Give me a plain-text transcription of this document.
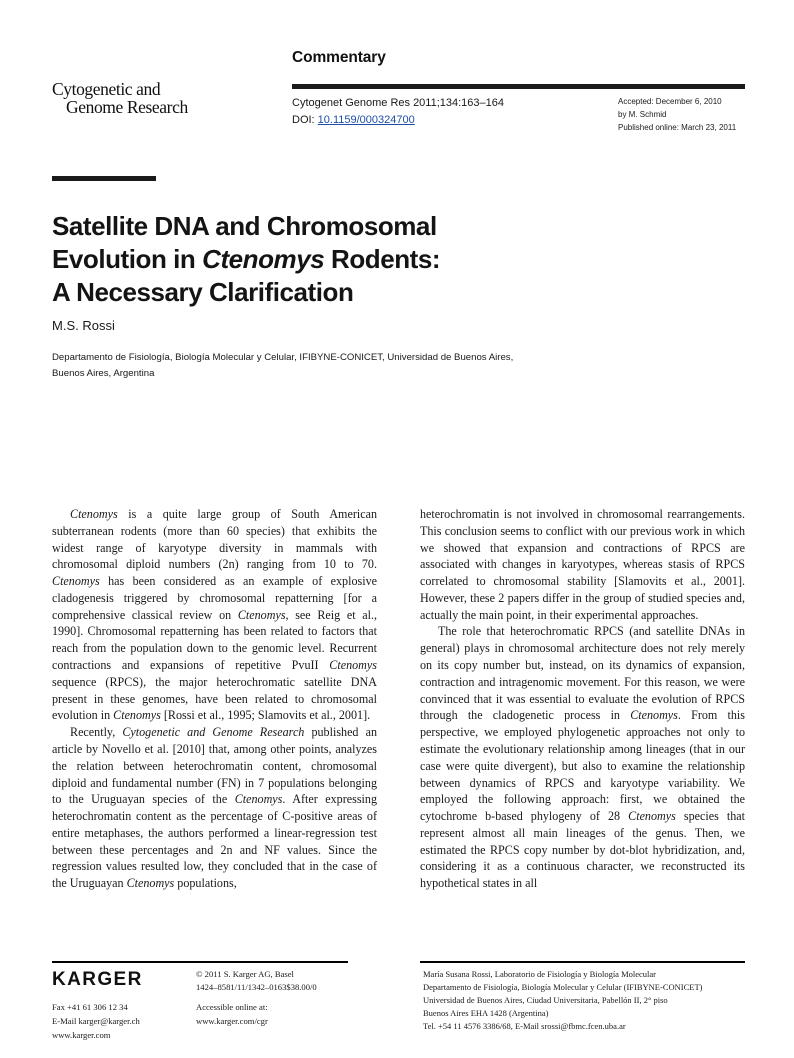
Commentary
Cytogenetic and
Genome Research	Cytogenet Genome Res 2011;134:163–164
DOI: 10.1159/000324700
Accepted: December 6, 2010
by M. Schmid
Published online: March 23, 2011
Satellite DNA and Chromosomal
Evolution in Ctenomys Rodents:
A Necessary Clarification
M.S. Rossi
Departamento de Fisiología, Biología Molecular y Celular, IFIBYNE-CONICET, Universidad de Buenos Aires,
Buenos Aires, Argentina

Ctenomys is a quite large group of South American subterranean rodents (more than 60 species) that exhibits the widest range of karyotype diversity in mammals with chromosomal diploid numbers (2n) ranging from 10 to 70. Ctenomys has been considered as an example of explosive cladogenesis triggered by chromosomal repatterning [for a comprehensive classical review on Ctenomys, see Reig et al., 1990]. Chromosomal repatterning has been related to factors that reach from the population down to the genomic level. Recurrent contractions and expansions of repetitive PvuII Ctenomys sequence (RPCS), the major heterochromatic satellite DNA present in these genomes, have been related to chromosomal evolution in Ctenomys [Rossi et al., 1995; Slamovits et al., 2001].

Recently, Cytogenetic and Genome Research published an article by Novello et al. [2010] that, among other points, analyzes the relation between heterochromatin content, chromosomal diploid and fundamental number (FN) in 7 populations belonging to the Uruguayan species of the Ctenomys. After expressing heterochromatin content as the percentage of C-positive areas of entire metaphases, the authors performed a linear-regression test between these percentages and 2n and NF values. Since the regression values resulted low, they concluded that in the case of the Uruguayan Ctenomys populations,

heterochromatin is not involved in chromosomal rearrangements. This conclusion seems to conflict with our previous work in which we showed that expansion and contractions of RPCS are associated with changes in karyotypes, whereas stasis of RPCS correlated to chromosomal stability [Slamovits et al., 2001]. However, these 2 papers differ in the group of studied species and, actually the main point, in their experimental approaches.

The role that heterochromatic RPCS (and satellite DNAs in general) plays in chromosomal architecture does not rely merely on its copy number but, instead, on its dynamics of expansion, contraction and intragenomic movement. For this reason, we were convinced that it was essential to evaluate the evolution of RPCS through the cladogenetic process in Ctenomys. From this perspective, we employed phylogenetic approaches not only to estimate the evolutionary relationship among lineages (that in our case were quite divergent), but also to examine the relationship between dynamics of RPCS and karyotype variability. We employed the following approach: first, we obtained the cytochrome b-based phylogeny of 28 Ctenomys species that represent almost all main lineages of the genus. Then, we estimated the RPCS copy number by dot-blot hybridization, and, considering it as a continuous character, we reconstructed its hypothetical states in all

KARGER
Fax +41 61 306 12 34
E-Mail karger@karger.ch
www.karger.com
© 2011 S. Karger AG, Basel
1424–8581/11/1342–0163$38.00/0
Accessible online at:
www.karger.com/cgr
María Susana Rossi, Laboratorio de Fisiología y Biología Molecular
Departamento de Fisiología, Biología Molecular y Celular (IFIBYNE-CONICET)
Universidad de Buenos Aires, Ciudad Universitaria, Pabellón II, 2° piso
Buenos Aires EHA 1428 (Argentina)
Tel. +54 11 4576 3386/68, E-Mail srossi@fbmc.fcen.uba.ar
